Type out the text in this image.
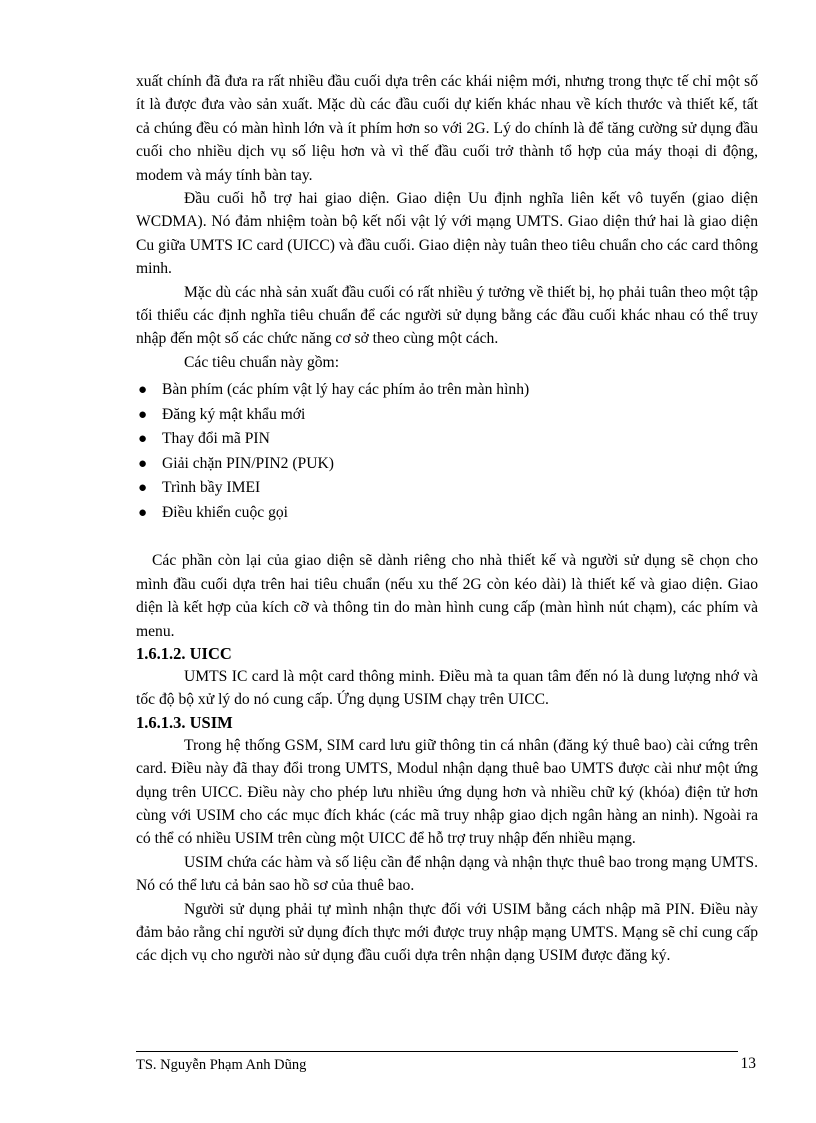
xuất chính đã đưa ra rất nhiều đầu cuối dựa trên các khái niệm mới, nhưng trong thực tế chỉ một số ít là được đưa vào sản xuất. Mặc dù các đầu cuối dự kiến khác nhau về kích thước và thiết kế, tất cả chúng đều có màn hình lớn và ít phím hơn so với 2G. Lý do chính là để tăng cường sử dụng đầu cuối cho nhiều dịch vụ số liệu hơn và vì thế đầu cuối trở thành tổ hợp của máy thoại di động, modem và máy tính bàn tay.

Đầu cuối hỗ trợ hai giao diện. Giao diện Uu định nghĩa liên kết vô tuyến (giao diện WCDMA). Nó đảm nhiệm toàn bộ kết nối vật lý với mạng UMTS. Giao diện thứ hai là giao diện Cu giữa UMTS IC card (UICC) và đầu cuối. Giao diện này tuân theo tiêu chuẩn cho các card thông minh.

Mặc dù các nhà sản xuất đầu cuối có rất nhiều ý tưởng về thiết bị, họ phải tuân theo một tập tối thiểu các định nghĩa tiêu chuẩn để các người sử dụng bằng các đầu cuối khác nhau có thể truy nhập đến một số các chức năng cơ sở theo cùng một cách.

Các tiêu chuẩn này gồm:

● Bàn phím (các phím vật lý hay các phím ảo trên màn hình)
● Đăng ký mật khẩu mới
● Thay đổi mã PIN
● Giải chặn PIN/PIN2 (PUK)
● Trình bầy IMEI
● Điều khiển cuộc gọi

Các phần còn lại của giao diện sẽ dành riêng cho nhà thiết kế và người sử dụng sẽ chọn cho mình đầu cuối dựa trên hai tiêu chuẩn (nếu xu thế 2G còn kéo dài) là thiết kế và giao diện. Giao diện là kết hợp của kích cỡ và thông tin do màn hình cung cấp (màn hình nút chạm), các phím và menu.

1.6.1.2. UICC

UMTS IC card là một card thông minh. Điều mà ta quan tâm đến nó là dung lượng nhớ và tốc độ bộ xử lý do nó cung cấp. Ứng dụng USIM chạy trên UICC.

1.6.1.3. USIM

Trong hệ thống GSM, SIM card lưu giữ thông tin cá nhân (đăng ký thuê bao) cài cứng trên card. Điều này đã thay đổi trong UMTS, Modul nhận dạng thuê bao UMTS được cài như một ứng dụng trên UICC. Điều này cho phép lưu nhiều ứng dụng hơn và nhiều chữ ký (khóa) điện tử hơn cùng với USIM cho các mục đích khác (các mã truy nhập giao dịch ngân hàng an ninh). Ngoài ra có thể có nhiều USIM trên cùng một UICC để hỗ trợ truy nhập đến nhiều mạng.

USIM chứa các hàm và số liệu cần để nhận dạng và nhận thực thuê bao trong mạng UMTS. Nó có thể lưu cả bản sao hồ sơ của thuê bao.

Người sử dụng phải tự mình nhận thực đối với USIM bằng cách nhập mã PIN. Điều này đảm bảo rằng chỉ người sử dụng đích thực mới được truy nhập mạng UMTS. Mạng sẽ chỉ cung cấp các dịch vụ cho người nào sử dụng đầu cuối dựa trên nhận dạng USIM được đăng ký.

TS. Nguyễn Phạm Anh Dũng	13
